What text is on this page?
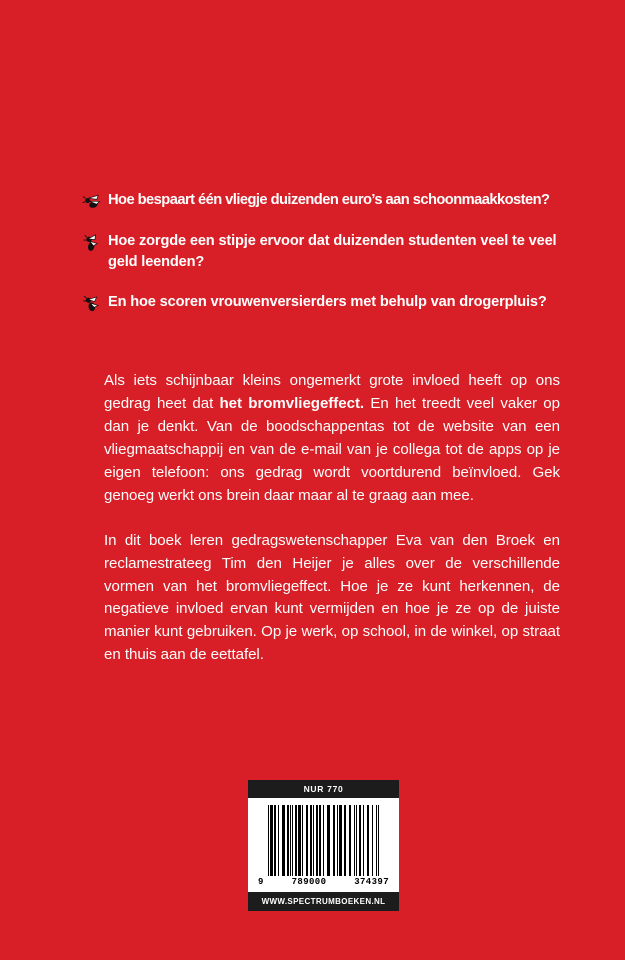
Hoe bespaart één vliegje duizenden euro’s aan schoonmaakkosten?
Hoe zorgde een stipje ervoor dat duizenden studenten veel te veel geld leenden?
En hoe scoren vrouwenversierders met behulp van drogerpluis?

Als iets schijnbaar kleins ongemerkt grote invloed heeft op ons gedrag heet dat het bromvliegeffect. En het treedt veel vaker op dan je denkt. Van de boodschappentas tot de website van een vliegmaatschappij en van de e-mail van je collega tot de apps op je eigen telefoon: ons gedrag wordt voortdurend beïnvloed. Gek genoeg werkt ons brein daar maar al te graag aan mee.

In dit boek leren gedragswetenschapper Eva van den Broek en reclamestrateeg Tim den Heijer je alles over de verschillende vormen van het bromvliegeffect. Hoe je ze kunt herkennen, de negatieve invloed ervan kunt vermijden en hoe je ze op de juiste manier kunt gebruiken. Op je werk, op school, in de winkel, op straat en thuis aan de eettafel.

NUR 770
9	789000	374397
WWW.SPECTRUMBOEKEN.NL
